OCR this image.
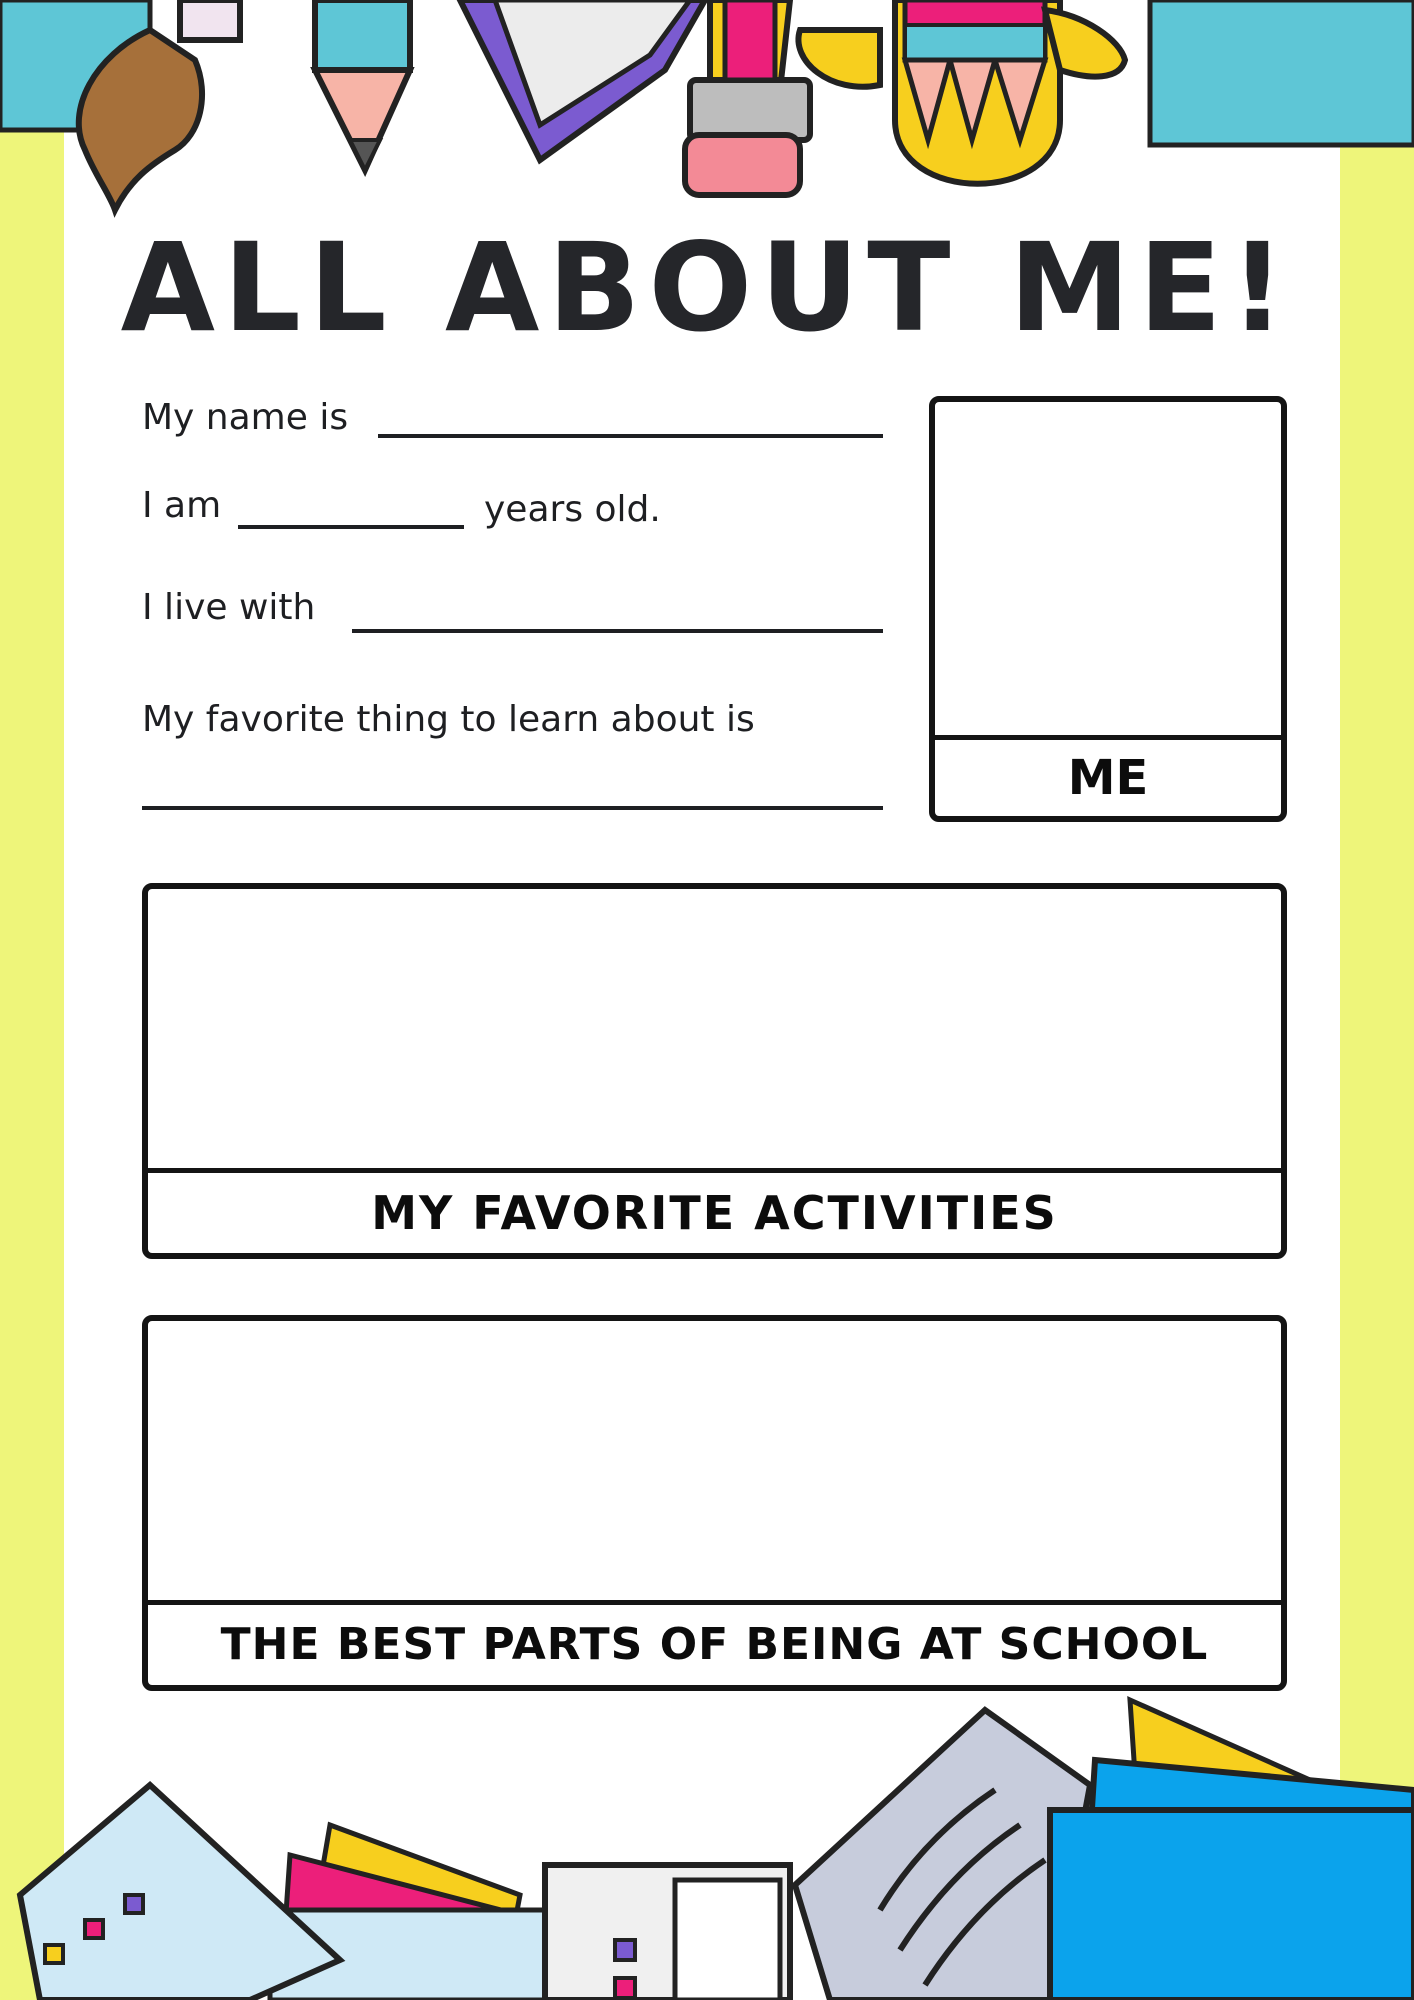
ALL ABOUT ME!
My name is
I am	years old.
I live with
My favorite thing to learn about is
ME
MY FAVORITE ACTIVITIES
THE BEST PARTS OF BEING AT SCHOOL
